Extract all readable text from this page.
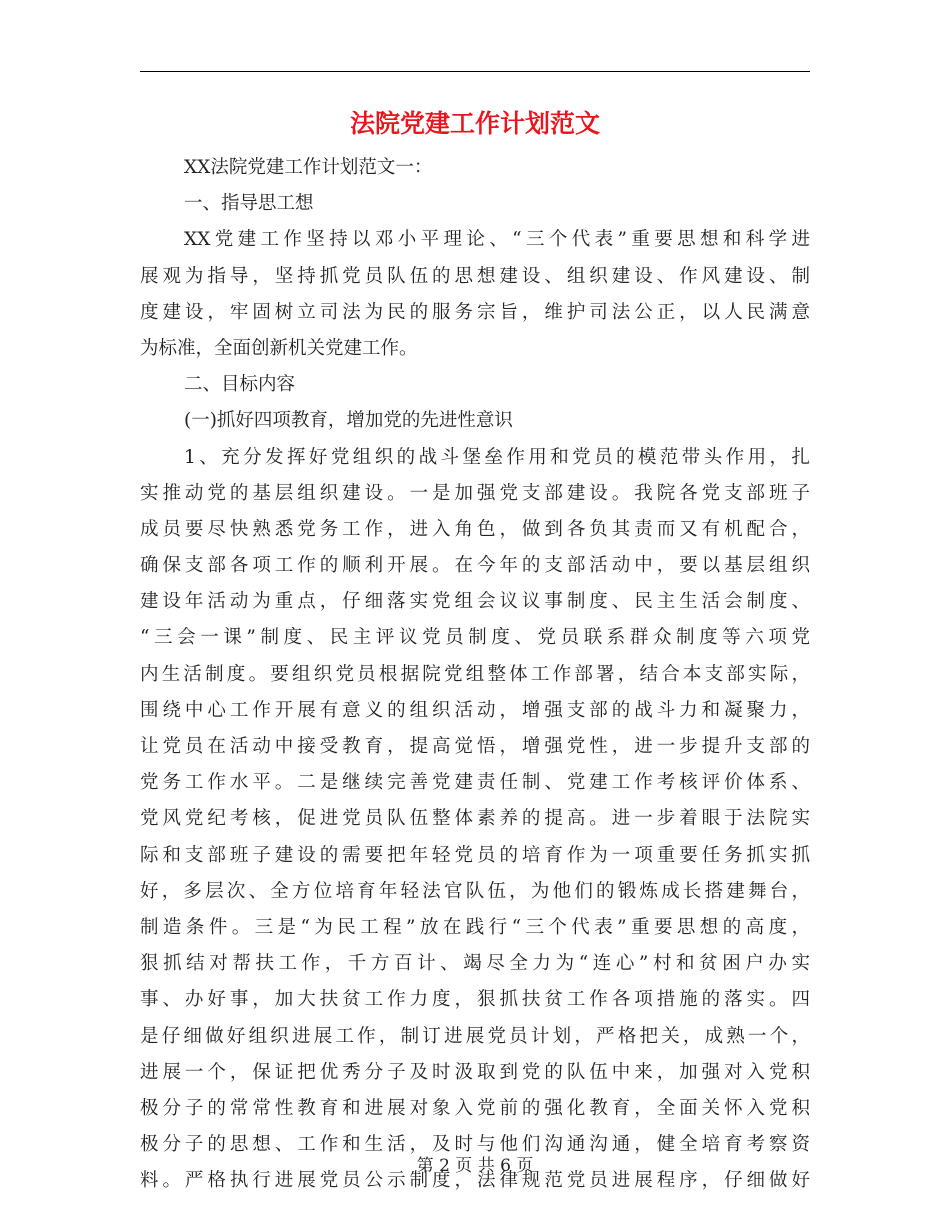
法院党建工作计划范文
XX法院党建工作计划范文一：
一、指导思工想
XX党建工作坚持以邓小平理论、“三个代表”重要思想和科学进
展观为指导，坚持抓党员队伍的思想建设、组织建设、作风建设、制
度建设，牢固树立司法为民的服务宗旨，维护司法公正，以人民满意
为标准，全面创新机关党建工作。
二、目标内容
(一)抓好四项教育，增加党的先进性意识
1、充分发挥好党组织的战斗堡垒作用和党员的模范带头作用，扎
实推动党的基层组织建设。一是加强党支部建设。我院各党支部班子
成员要尽快熟悉党务工作，进入角色，做到各负其责而又有机配合，
确保支部各项工作的顺利开展。在今年的支部活动中，要以基层组织
建设年活动为重点，仔细落实党组会议议事制度、民主生活会制度、
“三会一课”制度、民主评议党员制度、党员联系群众制度等六项党
内生活制度。要组织党员根据院党组整体工作部署，结合本支部实际，
围绕中心工作开展有意义的组织活动，增强支部的战斗力和凝聚力，
让党员在活动中接受教育，提高觉悟，增强党性，进一步提升支部的
党务工作水平。二是继续完善党建责任制、党建工作考核评价体系、
党风党纪考核，促进党员队伍整体素养的提高。进一步着眼于法院实
际和支部班子建设的需要把年轻党员的培育作为一项重要任务抓实抓
好，多层次、全方位培育年轻法官队伍，为他们的锻炼成长搭建舞台，
制造条件。三是“为民工程”放在践行“三个代表”重要思想的高度，
狠抓结对帮扶工作，千方百计、竭尽全力为“连心”村和贫困户办实
事、办好事，加大扶贫工作力度，狠抓扶贫工作各项措施的落实。四
是仔细做好组织进展工作，制订进展党员计划，严格把关，成熟一个，
进展一个，保证把优秀分子及时汲取到党的队伍中来，加强对入党积
极分子的常常性教育和进展对象入党前的强化教育，全面关怀入党积
极分子的思想、工作和生活，及时与他们沟通沟通，健全培育考察资
料。严格执行进展党员公示制度，法律规范党员进展程序，仔细做好
第 2 页 共 6 页
